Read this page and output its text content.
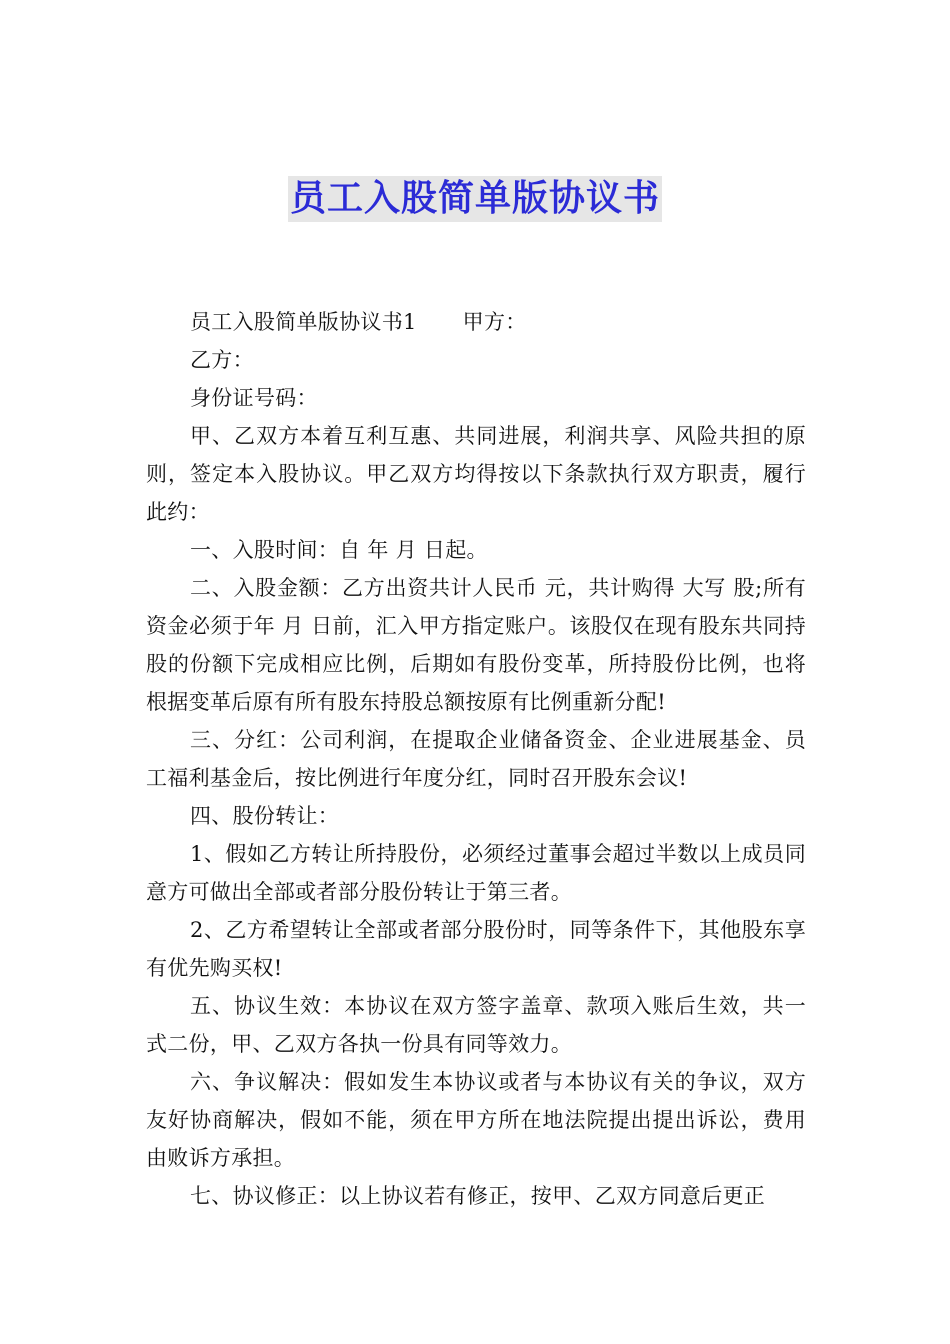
员工入股简单版协议书

员工入股简单版协议书1 甲方：

乙方：

身份证号码：

甲、乙双方本着互利互惠、共同进展，利润共享、风险共担的原则，签定本入股协议。甲乙双方均得按以下条款执行双方职责，履行此约：

一、入股时间：自 年 月 日起。

二、入股金额：乙方出资共计人民币 元，共计购得 大写 股;所有资金必须于年 月 日前，汇入甲方指定账户。该股仅在现有股东共同持股的份额下完成相应比例，后期如有股份变革，所持股份比例，也将根据变革后原有所有股东持股总额按原有比例重新分配!

三、分红：公司利润，在提取企业储备资金、企业进展基金、员工福利基金后，按比例进行年度分红，同时召开股东会议!

四、股份转让：

1、假如乙方转让所持股份，必须经过董事会超过半数以上成员同意方可做出全部或者部分股份转让于第三者。

2、乙方希望转让全部或者部分股份时，同等条件下，其他股东享有优先购买权!

五、协议生效：本协议在双方签字盖章、款项入账后生效，共一式二份，甲、乙双方各执一份具有同等效力。

六、争议解决：假如发生本协议或者与本协议有关的争议，双方友好协商解决，假如不能，须在甲方所在地法院提出提出诉讼，费用由败诉方承担。

七、协议修正：以上协议若有修正，按甲、乙双方同意后更正
